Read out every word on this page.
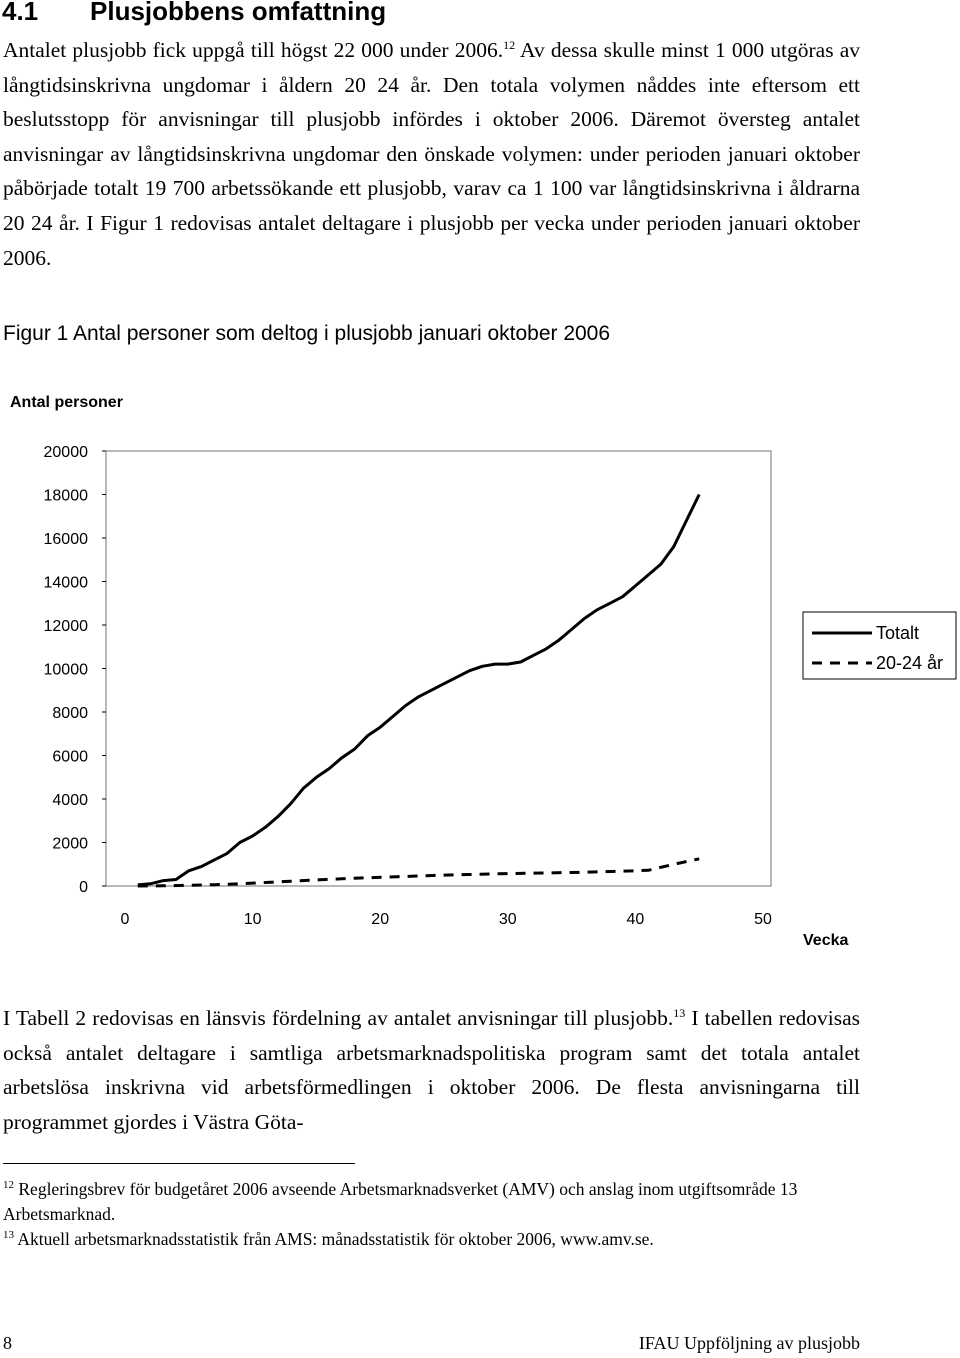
4.1 Plusjobbens omfattning

Antalet plusjobb fick uppgå till högst 22 000 under 2006.12 Av dessa skulle minst 1 000 utgöras av långtidsinskrivna ungdomar i åldern 20 24 år. Den totala volymen nåddes inte eftersom ett beslutsstopp för anvisningar till plusjobb infördes i oktober 2006. Däremot översteg antalet anvisningar av långtidsinskrivna ungdomar den önskade volymen: under perioden januari oktober påbörjade totalt 19 700 arbetssökande ett plusjobb, varav ca 1 100 var långtidsinskrivna i åldrarna 20 24 år. I Figur 1 redovisas antalet deltagare i plusjobb per vecka under perioden januari oktober 2006.

Figur 1 Antal personer som deltog i plusjobb januari oktober 2006
0
2000
4000
6000
8000
10000
12000
14000
16000
18000
20000
0	10	20	30	40	50
Antal personer
Vecka
Totalt
20-24 år

I Tabell 2 redovisas en länsvis fördelning av antalet anvisningar till plusjobb.$^{13}$ I tabellen redovisas också antalet deltagare i samtliga arbetsmarknadspolitiska program samt det totala antalet arbetslösa inskrivna vid arbetsförmedlingen i oktober 2006. De flesta anvisningarna till programmet gjordes i Västra Göta-

$^{12}$ Regleringsbrev för budgetåret 2006 avseende Arbetsmarknadsverket (AMV) och anslag inom utgiftsområde 13 Arbetsmarknad.

$^{13}$ Aktuell arbetsmarknadsstatistik från AMS: månadsstatistik för oktober 2006, www.amv.se.

8	IFAU Uppföljning av plusjobb
